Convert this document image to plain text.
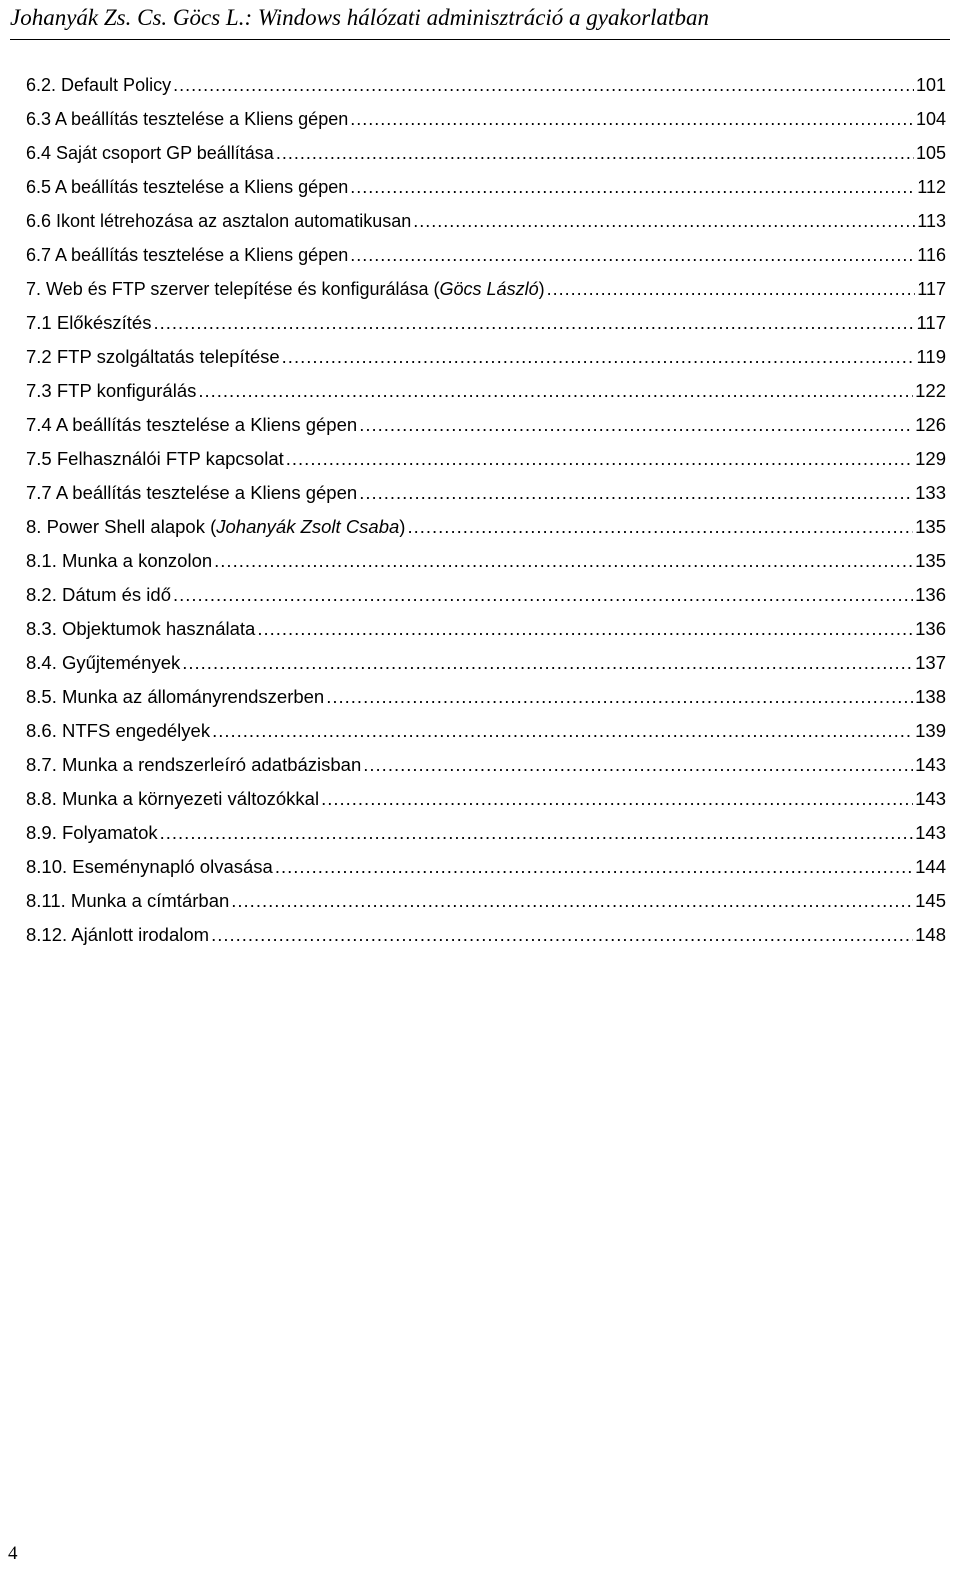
Johanyák Zs. Cs. Göcs L.: Windows hálózati adminisztráció a gyakorlatban
6.2. Default Policy .....	101
6.3 A beállítás tesztelése a Kliens gépen .....	104
6.4 Saját csoport GP beállítása .....	105
6.5 A beállítás tesztelése a Kliens gépen .....	112
6.6 Ikont létrehozása az asztalon automatikusan .....	113
6.7 A beállítás tesztelése a Kliens gépen .....	116
7. Web és FTP szerver telepítése és konfigurálása (Göcs László) .....	117
7.1 Előkészítés .....	117
7.2 FTP szolgáltatás telepítése .....	119
7.3 FTP konfigurálás .....	122
7.4 A beállítás tesztelése a Kliens gépen .....	126
7.5 Felhasználói FTP kapcsolat .....	129
7.7 A beállítás tesztelése a Kliens gépen .....	133
8. Power Shell alapok (Johanyák Zsolt Csaba) .....	135
8.1. Munka a konzolon .....	135
8.2. Dátum és idő .....	136
8.3. Objektumok használata .....	136
8.4. Gyűjtemények .....	137
8.5. Munka az állományrendszerben .....	138
8.6. NTFS engedélyek .....	139
8.7. Munka a rendszerleíró adatbázisban .....	143
8.8. Munka a környezeti változókkal .....	143
8.9. Folyamatok .....	143
8.10. Eseménynapló olvasása .....	144
8.11. Munka a címtárban .....	145
8.12. Ajánlott irodalom .....	148
4
